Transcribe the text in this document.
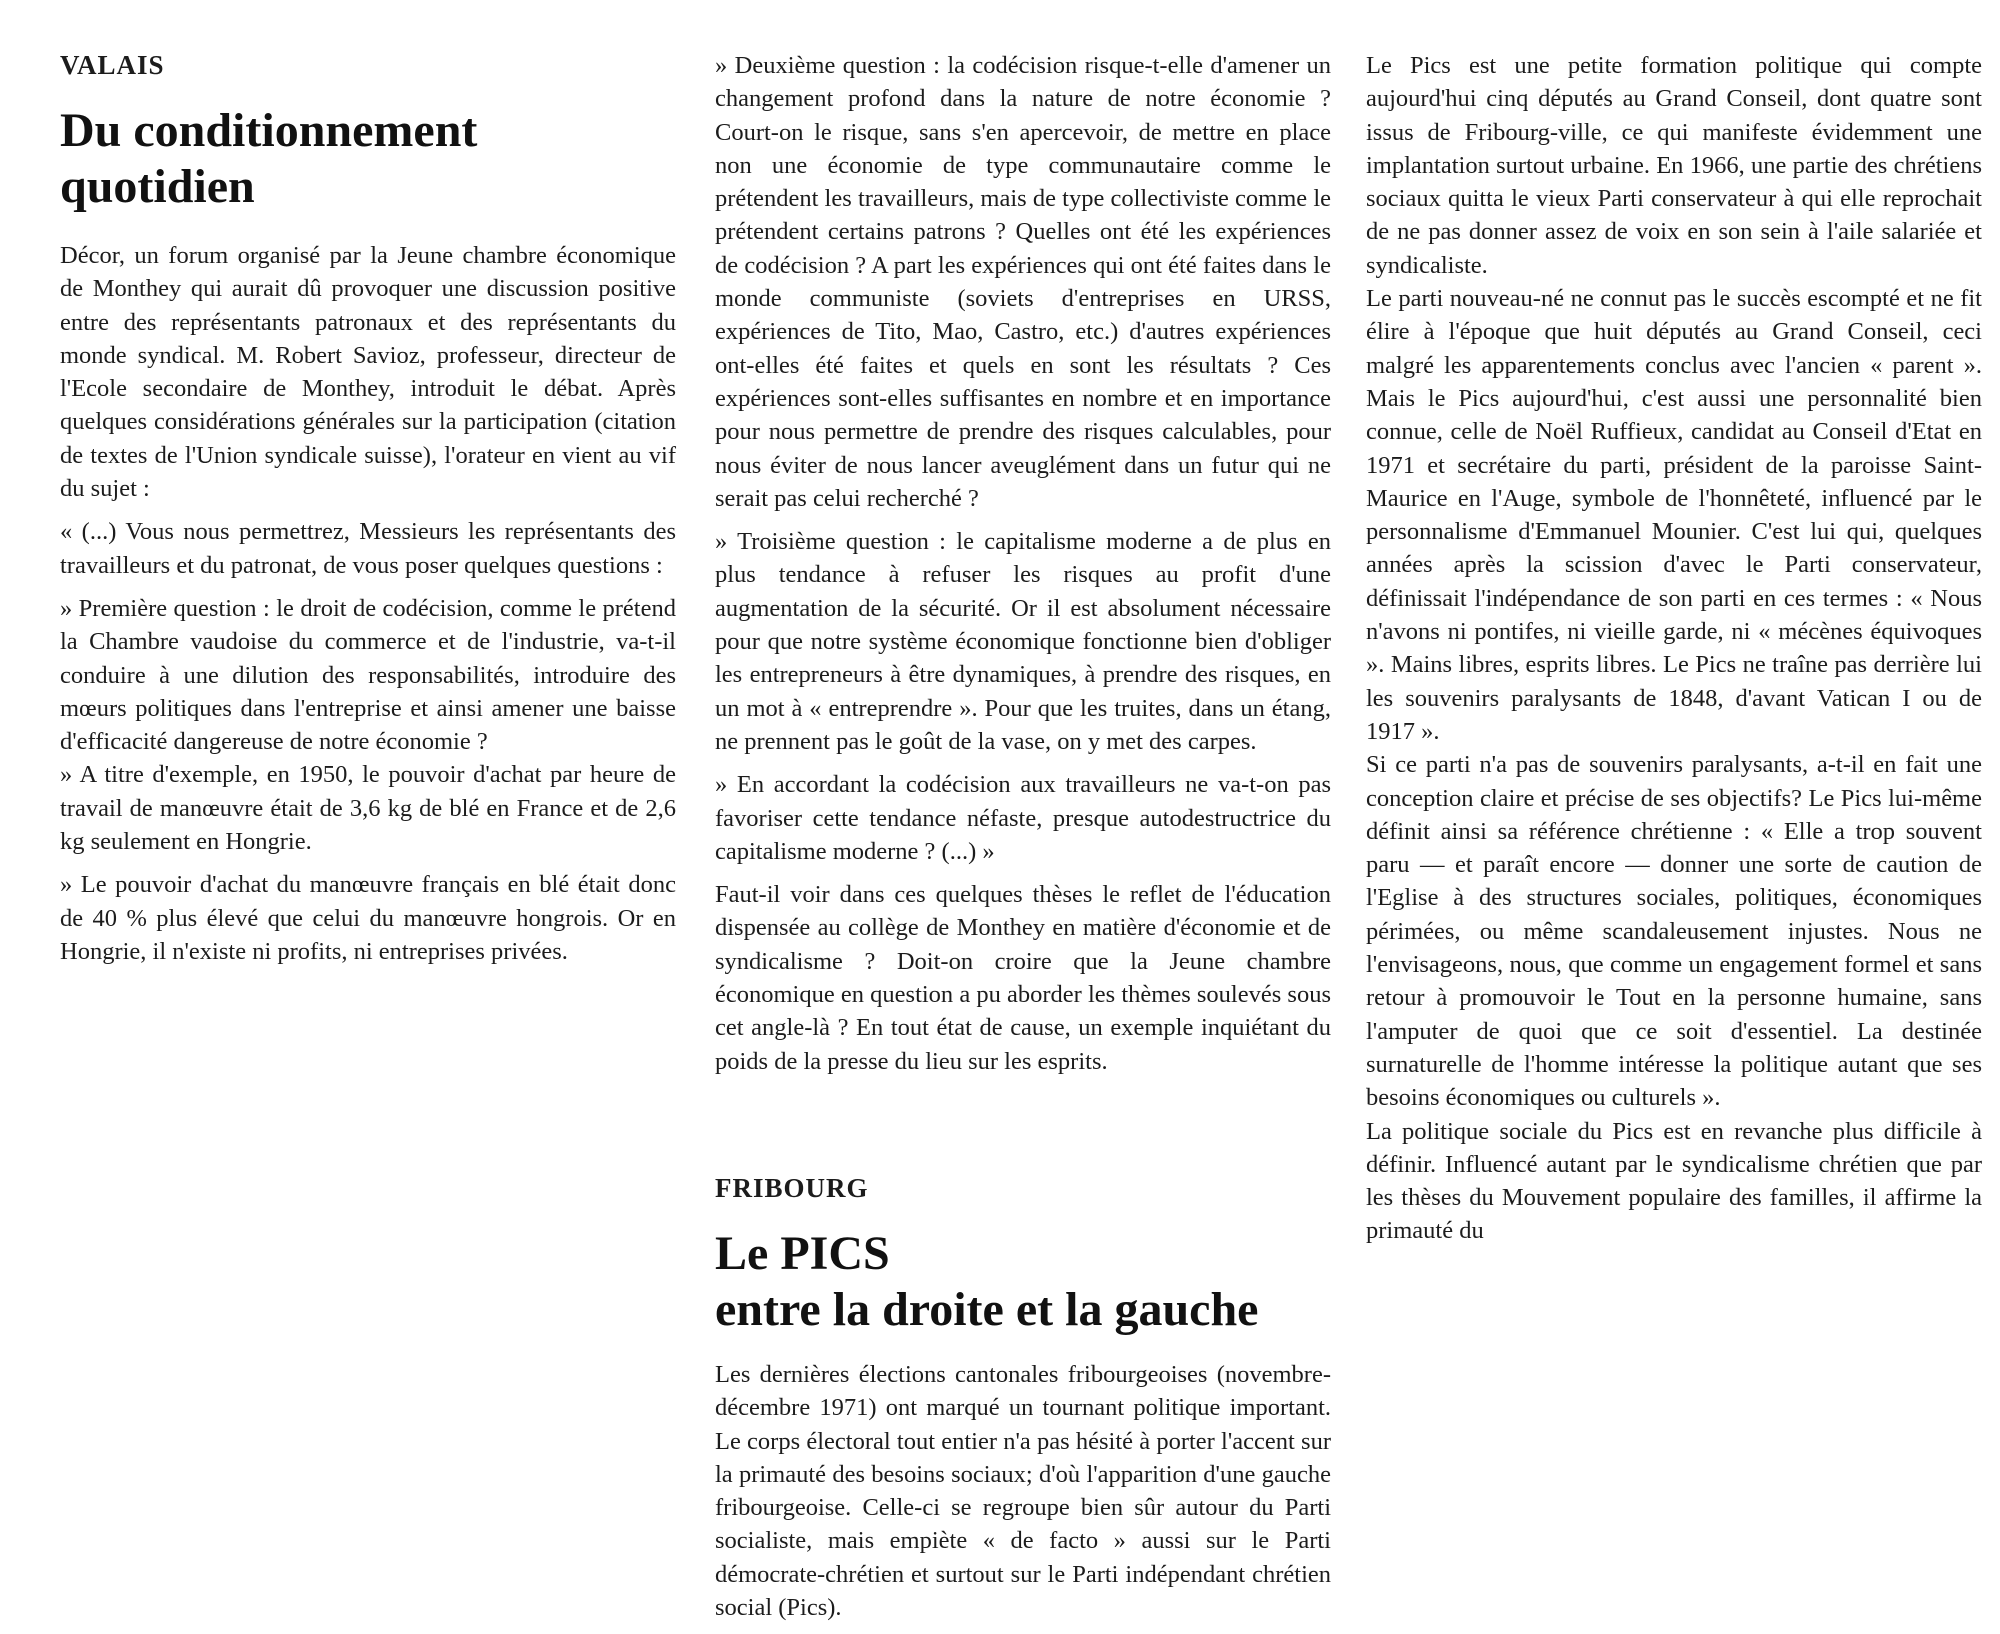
VALAIS
Du conditionnement
quotidien

Décor, un forum organisé par la Jeune chambre économique de Monthey qui aurait dû provoquer une discussion positive entre des représentants patronaux et des représentants du monde syndical. M. Robert Savioz, professeur, directeur de l'Ecole secondaire de Monthey, introduit le débat. Après quelques considérations générales sur la participation (citation de textes de l'Union syndicale suisse), l'orateur en vient au vif du sujet :

« (...) Vous nous permettrez, Messieurs les représentants des travailleurs et du patronat, de vous poser quelques questions :

» Première question : le droit de codécision, comme le prétend la Chambre vaudoise du commerce et de l'industrie, va-t-il conduire à une dilution des responsabilités, introduire des mœurs politiques dans l'entreprise et ainsi amener une baisse d'efficacité dangereuse de notre économie ?

» A titre d'exemple, en 1950, le pouvoir d'achat par heure de travail de manœuvre était de 3,6 kg de blé en France et de 2,6 kg seulement en Hongrie.

» Le pouvoir d'achat du manœuvre français en blé était donc de 40 % plus élevé que celui du manœuvre hongrois. Or en Hongrie, il n'existe ni profits, ni entreprises privées.

» Deuxième question : la codécision risque-t-elle d'amener un changement profond dans la nature de notre économie ? Court-on le risque, sans s'en apercevoir, de mettre en place non une économie de type communautaire comme le prétendent les travailleurs, mais de type collectiviste comme le prétendent certains patrons ? Quelles ont été les expériences de codécision ? A part les expériences qui ont été faites dans le monde communiste (soviets d'entreprises en URSS, expériences de Tito, Mao, Castro, etc.) d'autres expériences ont-elles été faites et quels en sont les résultats ? Ces expériences sont-elles suffisantes en nombre et en importance pour nous permettre de prendre des risques calculables, pour nous éviter de nous lancer aveuglément dans un futur qui ne serait pas celui recherché ?

» Troisième question : le capitalisme moderne a de plus en plus tendance à refuser les risques au profit d'une augmentation de la sécurité. Or il est absolument nécessaire pour que notre système économique fonctionne bien d'obliger les entrepreneurs à être dynamiques, à prendre des risques, en un mot à « entreprendre ». Pour que les truites, dans un étang, ne prennent pas le goût de la vase, on y met des carpes.

» En accordant la codécision aux travailleurs ne va-t-on pas favoriser cette tendance néfaste, presque autodestructrice du capitalisme moderne ? (...) »

Faut-il voir dans ces quelques thèses le reflet de l'éducation dispensée au collège de Monthey en matière d'économie et de syndicalisme ? Doit-on croire que la Jeune chambre économique en question a pu aborder les thèmes soulevés sous cet angle-là ? En tout état de cause, un exemple inquiétant du poids de la presse du lieu sur les esprits.

FRIBOURG
Le PICS
entre la droite et la gauche

Les dernières élections cantonales fribourgeoises (novembre-décembre 1971) ont marqué un tournant politique important. Le corps électoral tout entier n'a pas hésité à porter l'accent sur la primauté des besoins sociaux; d'où l'apparition d'une gauche fribourgeoise. Celle-ci se regroupe bien sûr autour du Parti socialiste, mais empiète « de facto » aussi sur le Parti démocrate-chrétien et surtout sur le Parti indépendant chrétien social (Pics).

Le Pics est une petite formation politique qui compte aujourd'hui cinq députés au Grand Conseil, dont quatre sont issus de Fribourg-ville, ce qui manifeste évidemment une implantation surtout urbaine. En 1966, une partie des chrétiens sociaux quitta le vieux Parti conservateur à qui elle reprochait de ne pas donner assez de voix en son sein à l'aile salariée et syndicaliste.

Le parti nouveau-né ne connut pas le succès escompté et ne fit élire à l'époque que huit députés au Grand Conseil, ceci malgré les apparentements conclus avec l'ancien « parent ». Mais le Pics aujourd'hui, c'est aussi une personnalité bien connue, celle de Noël Ruffieux, candidat au Conseil d'Etat en 1971 et secrétaire du parti, président de la paroisse Saint-Maurice en l'Auge, symbole de l'honnêteté, influencé par le personnalisme d'Emmanuel Mounier. C'est lui qui, quelques années après la scission d'avec le Parti conservateur, définissait l'indépendance de son parti en ces termes : « Nous n'avons ni pontifes, ni vieille garde, ni « mécènes équivoques ». Mains libres, esprits libres. Le Pics ne traîne pas derrière lui les souvenirs paralysants de 1848, d'avant Vatican I ou de 1917 ».

Si ce parti n'a pas de souvenirs paralysants, a-t-il en fait une conception claire et précise de ses objectifs? Le Pics lui-même définit ainsi sa référence chrétienne : « Elle a trop souvent paru — et paraît encore — donner une sorte de caution de l'Eglise à des structures sociales, politiques, économiques périmées, ou même scandaleusement injustes. Nous ne l'envisageons, nous, que comme un engagement formel et sans retour à promouvoir le Tout en la personne humaine, sans l'amputer de quoi que ce soit d'essentiel. La destinée surnaturelle de l'homme intéresse la politique autant que ses besoins économiques ou culturels ».

La politique sociale du Pics est en revanche plus difficile à définir. Influencé autant par le syndicalisme chrétien que par les thèses du Mouvement populaire des familles, il affirme la primauté du
